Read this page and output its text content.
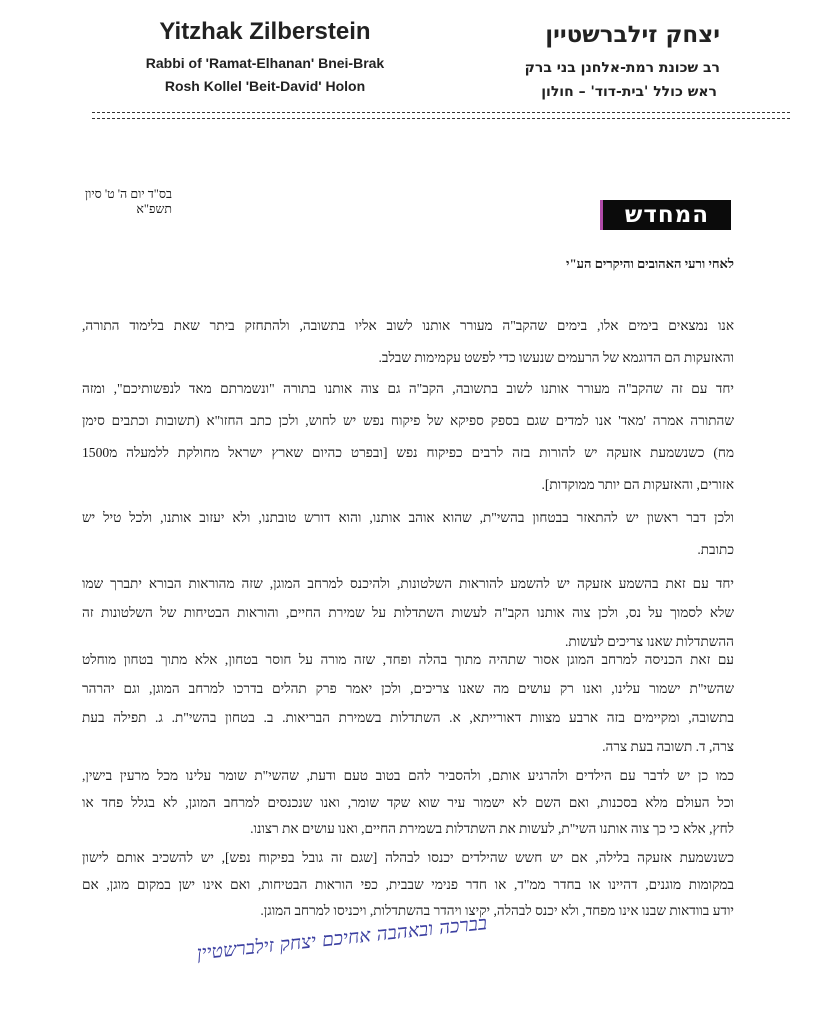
Yitzhak Zilberstein
Rabbi of 'Ramat-Elhanan' Bnei-Brak
Rosh Kollel 'Beit-David' Holon
יצחק זילברשטיין
רב שכונת רמת-אלחנן בני ברק
ראש כולל 'בית-דוד' – חולון
בס"ד יום ה' ט' סיון תשפ"א	המחדש
לאחי ורעי האהובים והיקרים הע"י
אנו נמצאים בימים אלו, בימים שהקב"ה מעורר אותנו לשוב אליו בתשובה, ולהתחזק ביתר שאת בלימוד התורה,
והאזעקות הם הדוגמא של הרעמים שנעשו כדי לפשט עקמימות שבלב.
יחד עם זה שהקב"ה מעורר אותנו לשוב בתשובה, הקב"ה גם צוה אותנו בתורה "ונשמרתם מאד לנפשותיכם", ומזה
שהתורה אמרה 'מאד' אנו למדים שגם בספק ספיקא של פיקוח נפש יש לחוש, ולכן כתב החזו"א (תשובות וכתבים סימן
מח) כשנשמעת אזעקה יש להורות בזה לרבים כפיקוח נפש [ובפרט כהיום שארץ ישראל מחולקת ללמעלה מ1500
אזורים, והאזעקות הם יותר ממוקדות].
ולכן דבר ראשון יש להתאזר בבטחון בהשי"ת, שהוא אוהב אותנו, והוא דורש טובתנו, ולא יעזוב אותנו, ולכל טיל יש
כתובת.
יחד עם זאת בהשמע אזעקה יש להשמע להוראות השלטונות, ולהיכנס למרחב המוגן, שזה מהוראות הבורא יתברך שמו
שלא לסמוך על נס, ולכן צוה אותנו הקב"ה לעשות השתדלות על שמירת החיים, והוראות הבטיחות של השלטונות זה
ההשתדלות שאנו צריכים לעשות.
עם זאת הכניסה למרחב המוגן אסור שתהיה מתוך בהלה ופחד, שזה מורה על חוסר בטחון, אלא מתוך בטחון מוחלט
שהשי"ת ישמור עלינו, ואנו רק עושים מה שאנו צריכים, ולכן יאמר פרק תהלים בדרכו למרחב המוגן, וגם יהרהר
בתשובה, ומקיימים בזה ארבע מצוות דאורייתא, א. השתדלות בשמירת הבריאות. ב. בטחון בהשי"ת. ג. תפילה בעת
צרה, ד. תשובה בעת צרה.
כמו כן יש לדבר עם הילדים ולהרגיע אותם, ולהסביר להם בטוב טעם ודעת, שהשי"ת שומר עלינו מכל מרעין בישין,
וכל העולם מלא בסכנות, ואם השם לא ישמור עיר שוא שקד שומר, ואנו שנכנסים למרחב המוגן, לא בגלל פחד או
לחץ, אלא כי כך צוה אותנו השי"ת, לעשות את השתדלות בשמירת החיים, ואנו עושים את רצונו.
כשנשמעת אזעקה בלילה, אם יש חשש שהילדים יכנסו לבהלה [שגם זה גובל בפיקוח נפש], יש להשכיב אותם לישון
במקומות מוגנים, דהיינו או בחדר ממ"ד, או חדר פנימי שבבית, כפי הוראות הבטיחות, ואם אינו ישן במקום מוגן, אם
יודע בוודאות שבנו אינו מפחד, ולא יכנס לבהלה, יקיצו ויהדר בהשתדלות, ויכניסו למרחב המוגן.
בברכה ובאהבה אחיכם יצחק זילברשטיין
